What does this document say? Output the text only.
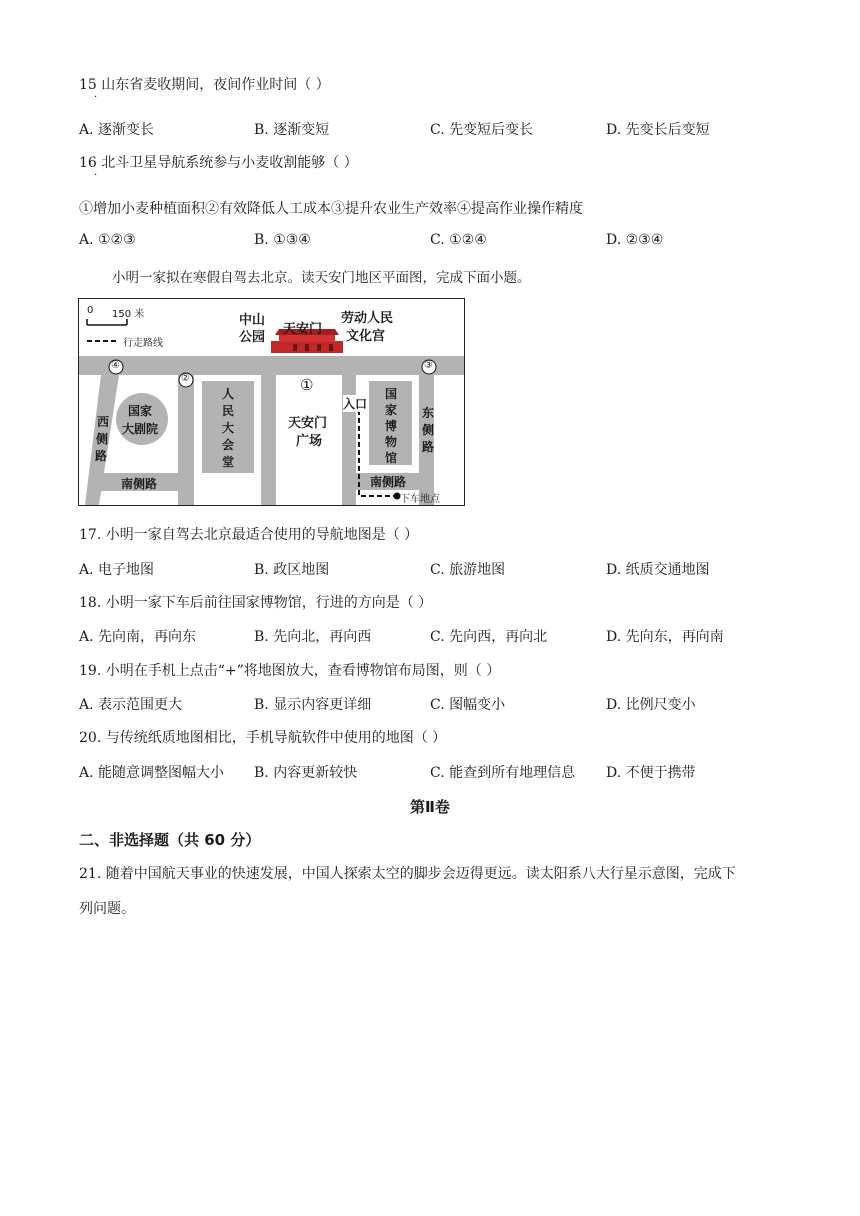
15 山东省麦收期间，夜间作业时间（ ）
·
A. 逐渐变长	B. 逐渐变短	C. 先变短后变长	D. 先变长后变短
16 北斗卫星导航系统参与小麦收割能够（ ）
·
①增加小麦种植面积②有效降低人工成本③提升农业生产效率④提高作业操作精度
A. ①②③	B. ①③④	C. ①②④	D. ②③④
小明一家拟在寒假自驾去北京。读天安门地区平面图，完成下面小题。
0 150 米
行走路线
中山
公园
天安门
劳动人民
文化宫
④
②
③
①
国家
大剧院
西
侧
路
人
民
大
会
堂
天安门
广场
入口
国
家
博
物
馆
东
侧
路
南侧路	南侧路
下车地点
17. 小明一家自驾去北京最适合使用的导航地图是（ ）
A. 电子地图	B. 政区地图	C. 旅游地图	D. 纸质交通地图
18. 小明一家下车后前往国家博物馆，行进的方向是（ ）
A. 先向南，再向东	B. 先向北，再向西	C. 先向西，再向北	D. 先向东，再向南
19. 小明在手机上点击“+”将地图放大，查看博物馆布局图，则（ ）
A. 表示范围更大	B. 显示内容更详细	C. 图幅变小	D. 比例尺变小
20. 与传统纸质地图相比，手机导航软件中使用的地图（ ）
A. 能随意调整图幅大小 B. 内容更新较快	C. 能查到所有地理信息 D. 不便于携带
第Ⅱ卷
二、非选择题（共 60 分）
21. 随着中国航天事业的快速发展，中国人探索太空的脚步会迈得更远。读太阳系八大行星示意图，完成下
列问题。
